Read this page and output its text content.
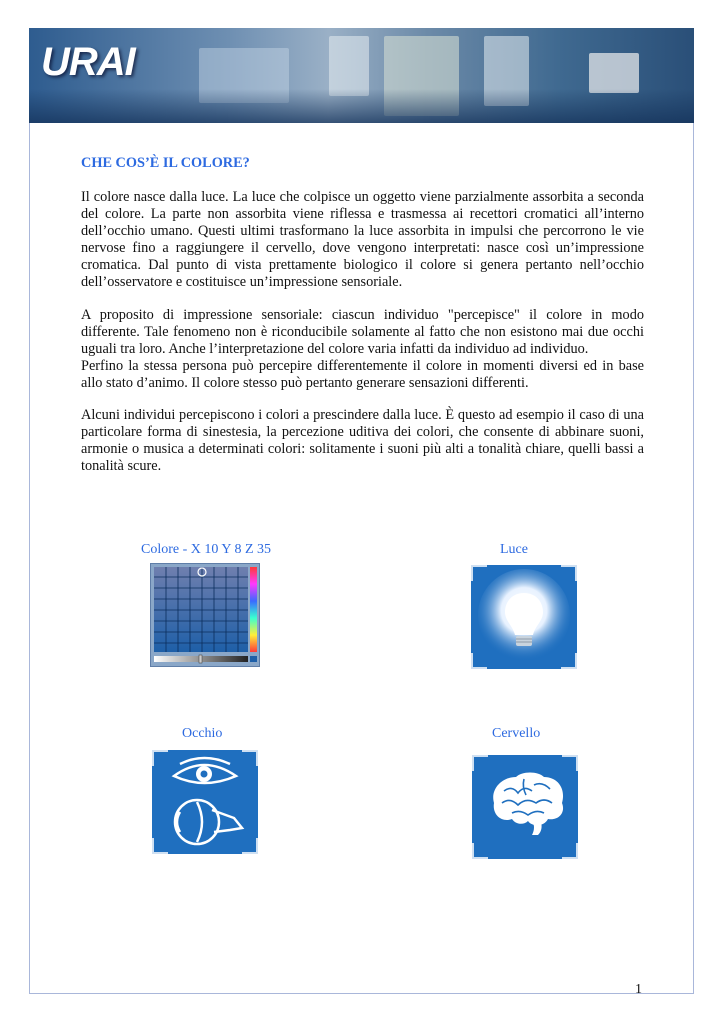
URAI
CHE COS’È IL COLORE?

Il colore nasce dalla luce. La luce che colpisce un oggetto viene parzialmente assorbita a seconda del colore. La parte non assorbita viene riflessa e trasmessa ai recettori cromatici all’interno dell’occhio umano. Questi ultimi trasformano la luce assorbita in impulsi che percorrono le vie nervose fino a raggiungere il cervello, dove vengono interpretati: nasce così un’impressione cromatica. Dal punto di vista prettamente biologico il colore si genera pertanto nell’occhio dell’osservatore e costituisce un’impressione sensoriale.

A proposito di impressione sensoriale: ciascun individuo "percepisce" il colore in modo differente. Tale fenomeno non è riconducibile solamente al fatto che non esistono mai due occhi uguali tra loro. Anche l’interpretazione del colore varia infatti da individuo ad individuo.

Perfino la stessa persona può percepire differentemente il colore in momenti diversi ed in base allo stato d’animo. Il colore stesso può pertanto generare sensazioni differenti.

Alcuni individui percepiscono i colori a prescindere dalla luce. È questo ad esempio il caso di una particolare forma di sinestesia, la percezione uditiva dei colori, che consente di abbinare suoni, armonie o musica a determinati colori: solitamente i suoni più alti a tonalità chiare, quelli bassi a tonalità scure.

Colore - X 10 Y 8 Z 35	Luce
Occhio	Cervello
1
